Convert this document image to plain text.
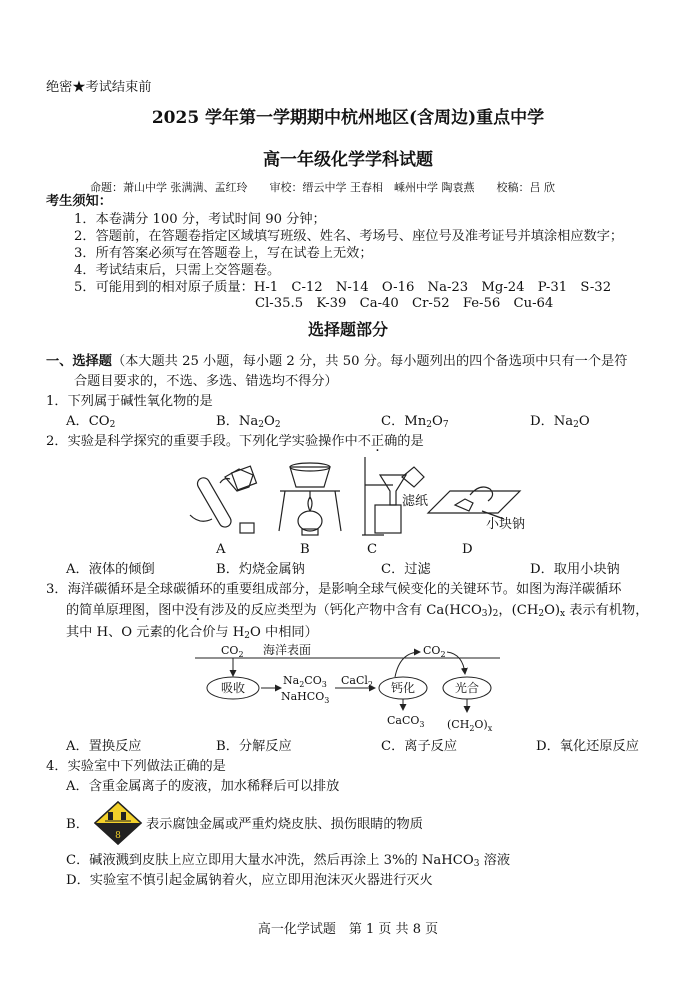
绝密★考试结束前
2025 学年第一学期期中杭州地区(含周边)重点中学
高一年级化学学科试题
命题：萧山中学 张满满、孟红玲　　审校：缙云中学 王春相　嵊州中学 陶袁燕　　校稿：吕 欣
考生须知：
1．本卷满分 100 分，考试时间 90 分钟；
2．答题前，在答题卷指定区域填写班级、姓名、考场号、座位号及准考证号并填涂相应数字；
3．所有答案必须写在答题卷上，写在试卷上无效；
4．考试结束后，只需上交答题卷。
5．可能用到的相对原子质量：H-1　C-12　N-14　O-16　Na-23　Mg-24　P-31　S-32
Cl-35.5　K-39　Ca-40　Cr-52　Fe-56　Cu-64
选择题部分
一、选择题（本大题共 25 小题，每小题 2 分，共 50 分。每小题列出的四个备选项中只有一个是符
合题目要求的，不选、多选、错选均不得分）
1．下列属于碱性氧化物的是
A．$CO_2$	B．$Na_2O_2$	C．$Mn_2O_7$	D．$Na_2O$
2．实验是科学探究的重要手段。下列化学实验操作中不正确的是
滤纸
小块钠
A	B	C	D
A．液体的倾倒	B．灼烧金属钠	C．过滤	D．取用小块钠
3．海洋碳循环是全球碳循环的重要组成部分，是影响全球气候变化的关键环节。如图为海洋碳循环
的简单原理图，图中没有涉及的反应类型为（钙化产物中含有 $Ca(HCO_3)_2$，$(CH_2O)_x$ 表示有机物，
其中 H、O 元素的化合价与 $H_2O$ 中相同）
$CO_2$ 海洋表面
吸收
$Na_2CO_3$
NaHCO$_3$
CaCl$_2$ 钙化
$CO_2$
光合
CaCO$_3$ $(CH_2O)_x$
A．置换反应	B．分解反应	C．离子反应	D．氧化还原反应
4．实验室中下列做法正确的是
A．含重金属离子的废液，加水稀释后可以排放
B．
8
表示腐蚀金属或严重灼烧皮肤、损伤眼睛的物质
C．碱液溅到皮肤上应立即用大量水冲洗，然后再涂上 3%的 NaHCO$_3$ 溶液
D．实验室不慎引起金属钠着火，应立即用泡沫灭火器进行灭火
高一化学试题　第 1 页 共 8 页
